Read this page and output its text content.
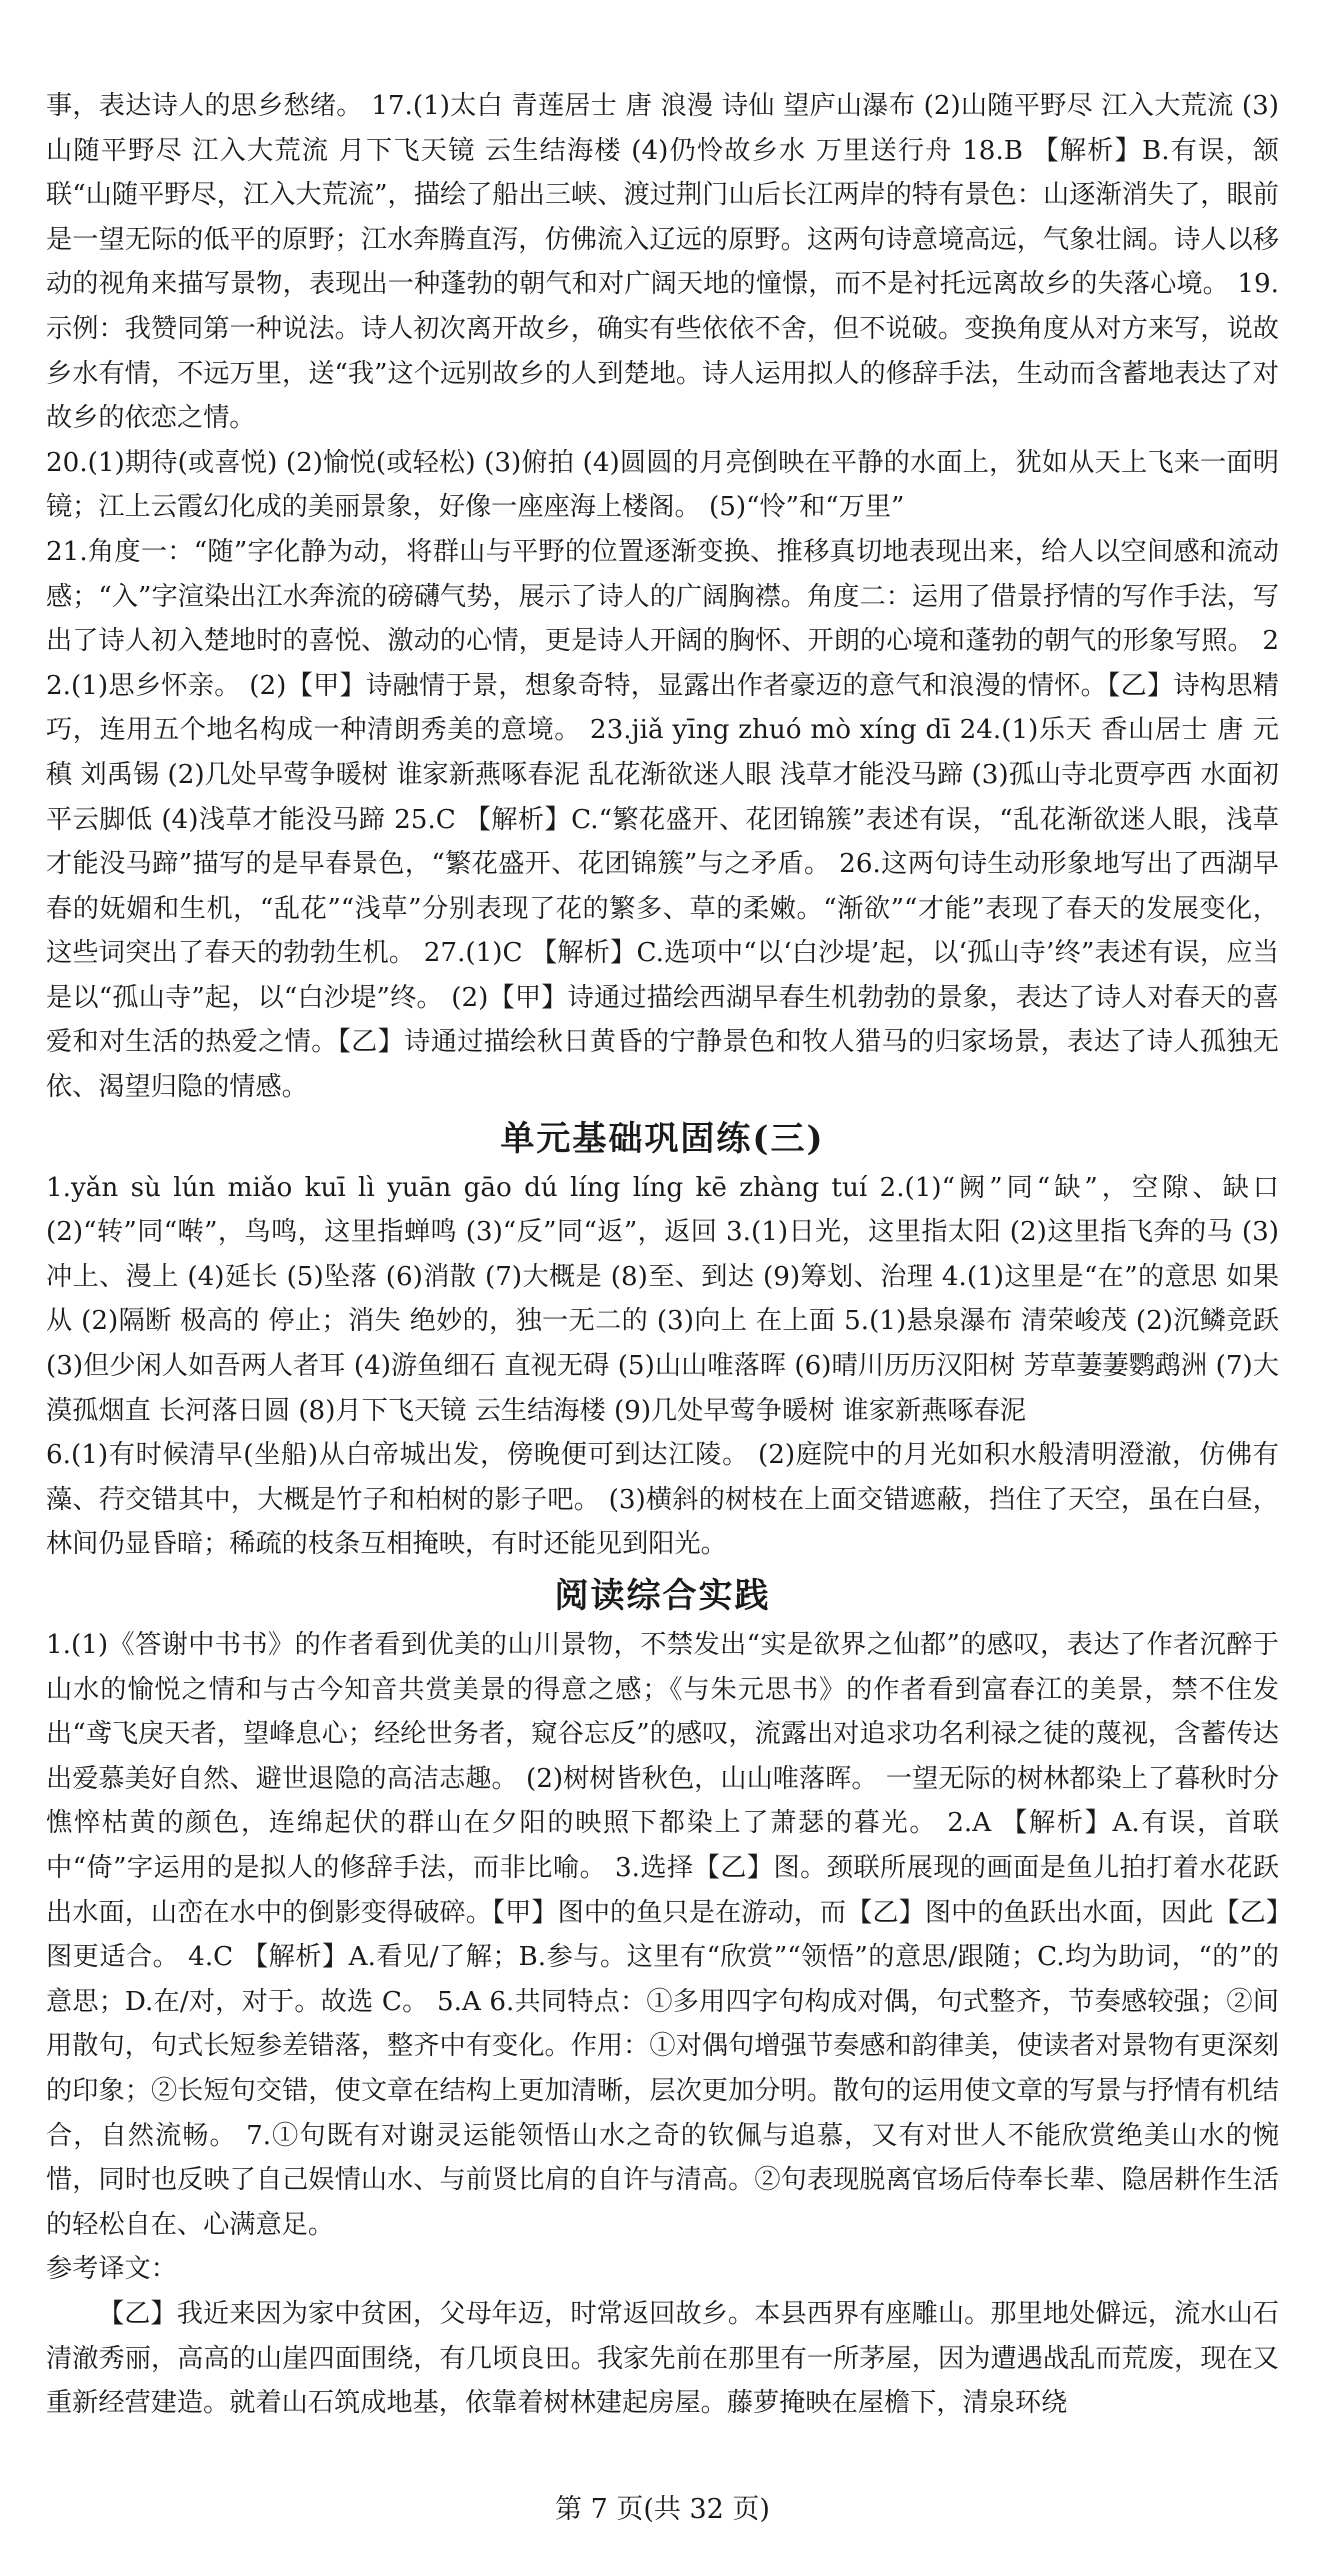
事，表达诗人的思乡愁绪。 17.(1)太白 青莲居士 唐 浪漫 诗仙 望庐山瀑布 (2)山随平野尽 江入大荒流 (3)山随平野尽 江入大荒流 月下飞天镜 云生结海楼 (4)仍怜故乡水 万里送行舟 18.B 【解析】B.有误，颔联“山随平野尽，江入大荒流”，描绘了船出三峡、渡过荆门山后长江两岸的特有景色：山逐渐消失了，眼前是一望无际的低平的原野；江水奔腾直泻，仿佛流入辽远的原野。这两句诗意境高远，气象壮阔。诗人以移动的视角来描写景物，表现出一种蓬勃的朝气和对广阔天地的憧憬，而不是衬托远离故乡的失落心境。 19.示例：我赞同第一种说法。诗人初次离开故乡，确实有些依依不舍，但不说破。变换角度从对方来写，说故乡水有情，不远万里，送“我”这个远别故乡的人到楚地。诗人运用拟人的修辞手法，生动而含蓄地表达了对故乡的依恋之情。

20.(1)期待(或喜悦) (2)愉悦(或轻松) (3)俯拍 (4)圆圆的月亮倒映在平静的水面上，犹如从天上飞来一面明镜；江上云霞幻化成的美丽景象，好像一座座海上楼阁。 (5)“怜”和“万里”

21.角度一：“随”字化静为动，将群山与平野的位置逐渐变换、推移真切地表现出来，给人以空间感和流动感；“入”字渲染出江水奔流的磅礴气势，展示了诗人的广阔胸襟。角度二：运用了借景抒情的写作手法，写出了诗人初入楚地时的喜悦、激动的心情，更是诗人开阔的胸怀、开朗的心境和蓬勃的朝气的形象写照。 22.(1)思乡怀亲。 (2)【甲】诗融情于景，想象奇特，显露出作者豪迈的意气和浪漫的情怀。【乙】诗构思精巧，连用五个地名构成一种清朗秀美的意境。 23.jiǎ yīng zhuó mò xíng dī 24.(1)乐天 香山居士 唐 元稹 刘禹锡 (2)几处早莺争暖树 谁家新燕啄春泥 乱花渐欲迷人眼 浅草才能没马蹄 (3)孤山寺北贾亭西 水面初平云脚低 (4)浅草才能没马蹄 25.C 【解析】C.“繁花盛开、花团锦簇”表述有误，“乱花渐欲迷人眼，浅草才能没马蹄”描写的是早春景色，“繁花盛开、花团锦簇”与之矛盾。 26.这两句诗生动形象地写出了西湖早春的妩媚和生机，“乱花”“浅草”分别表现了花的繁多、草的柔嫩。“渐欲”“才能”表现了春天的发展变化，这些词突出了春天的勃勃生机。 27.(1)C 【解析】C.选项中“以‘白沙堤’起，以‘孤山寺’终”表述有误，应当是以“孤山寺”起，以“白沙堤”终。 (2)【甲】诗通过描绘西湖早春生机勃勃的景象，表达了诗人对春天的喜爱和对生活的热爱之情。【乙】诗通过描绘秋日黄昏的宁静景色和牧人猎马的归家场景，表达了诗人孤独无依、渴望归隐的情感。

单元基础巩固练(三)

1.yǎn sù lún miǎo kuī lì yuān gāo dú líng líng kē zhàng tuí 2.(1)“阙”同“缺”，空隙、缺口 (2)“转”同“啭”，鸟鸣，这里指蝉鸣 (3)“反”同“返”，返回 3.(1)日光，这里指太阳 (2)这里指飞奔的马 (3)冲上、漫上 (4)延长 (5)坠落 (6)消散 (7)大概是 (8)至、到达 (9)筹划、治理 4.(1)这里是“在”的意思 如果 从 (2)隔断 极高的 停止；消失 绝妙的，独一无二的 (3)向上 在上面 5.(1)悬泉瀑布 清荣峻茂 (2)沉鳞竞跃 (3)但少闲人如吾两人者耳 (4)游鱼细石 直视无碍 (5)山山唯落晖 (6)晴川历历汉阳树 芳草萋萋鹦鹉洲 (7)大漠孤烟直 长河落日圆 (8)月下飞天镜 云生结海楼 (9)几处早莺争暖树 谁家新燕啄春泥

6.(1)有时候清早(坐船)从白帝城出发，傍晚便可到达江陵。 (2)庭院中的月光如积水般清明澄澈，仿佛有藻、荇交错其中，大概是竹子和柏树的影子吧。 (3)横斜的树枝在上面交错遮蔽，挡住了天空，虽在白昼，林间仍显昏暗；稀疏的枝条互相掩映，有时还能见到阳光。

阅读综合实践

1.(1)《答谢中书书》的作者看到优美的山川景物，不禁发出“实是欲界之仙都”的感叹，表达了作者沉醉于山水的愉悦之情和与古今知音共赏美景的得意之感；《与朱元思书》的作者看到富春江的美景，禁不住发出“鸢飞戾天者，望峰息心；经纶世务者，窥谷忘反”的感叹，流露出对追求功名利禄之徒的蔑视，含蓄传达出爱慕美好自然、避世退隐的高洁志趣。 (2)树树皆秋色，山山唯落晖。 一望无际的树林都染上了暮秋时分憔悴枯黄的颜色，连绵起伏的群山在夕阳的映照下都染上了萧瑟的暮光。 2.A 【解析】A.有误，首联中“倚”字运用的是拟人的修辞手法，而非比喻。 3.选择【乙】图。颈联所展现的画面是鱼儿拍打着水花跃出水面，山峦在水中的倒影变得破碎。【甲】图中的鱼只是在游动，而【乙】图中的鱼跃出水面，因此【乙】图更适合。 4.C 【解析】A.看见/了解；B.参与。这里有“欣赏”“领悟”的意思/跟随；C.均为助词，“的”的意思；D.在/对，对于。故选 C。 5.A 6.共同特点：①多用四字句构成对偶，句式整齐，节奏感较强；②间用散句，句式长短参差错落，整齐中有变化。作用：①对偶句增强节奏感和韵律美，使读者对景物有更深刻的印象；②长短句交错，使文章在结构上更加清晰，层次更加分明。散句的运用使文章的写景与抒情有机结合，自然流畅。 7.①句既有对谢灵运能领悟山水之奇的钦佩与追慕，又有对世人不能欣赏绝美山水的惋惜，同时也反映了自己娱情山水、与前贤比肩的自许与清高。②句表现脱离官场后侍奉长辈、隐居耕作生活的轻松自在、心满意足。

参考译文：

【乙】我近来因为家中贫困，父母年迈，时常返回故乡。本县西界有座雕山。那里地处僻远，流水山石清澈秀丽，高高的山崖四面围绕，有几顷良田。我家先前在那里有一所茅屋，因为遭遇战乱而荒废，现在又重新经营建造。就着山石筑成地基，依靠着树林建起房屋。藤萝掩映在屋檐下，清泉环绕

第 7 页(共 32 页)
